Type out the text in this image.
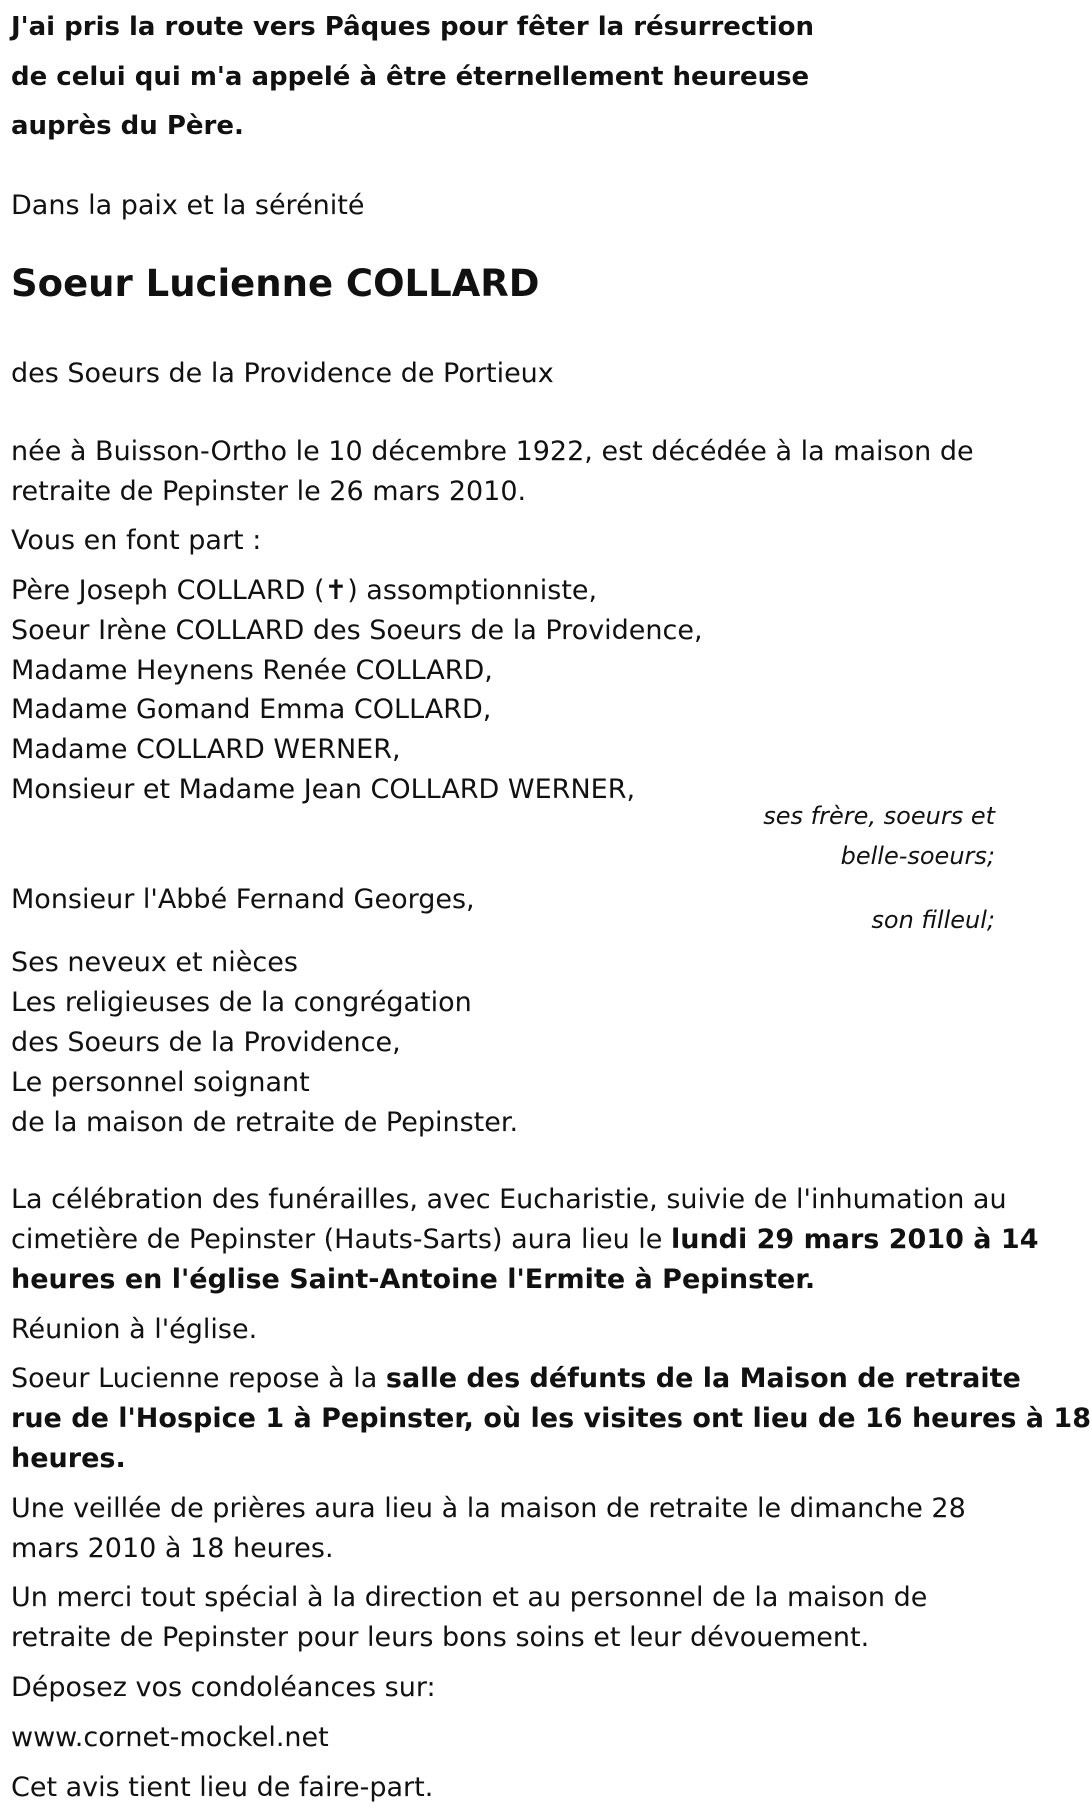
J'ai pris la route vers Pâques pour fêter la résurrection

de celui qui m'a appelé à être éternellement heureuse

auprès du Père.

Dans la paix et la sérénité

Soeur Lucienne COLLARD

des Soeurs de la Providence de Portieux

née à Buisson-Ortho le 10 décembre 1922, est décédée à la maison de

retraite de Pepinster le 26 mars 2010.

Vous en font part :

Père Joseph COLLARD (✝) assomptionniste,

Soeur Irène COLLARD des Soeurs de la Providence,

Madame Heynens Renée COLLARD,

Madame Gomand Emma COLLARD,

Madame COLLARD WERNER,

Monsieur et Madame Jean COLLARD WERNER,

ses frère, soeurs et

belle-soeurs;

Monsieur l'Abbé Fernand Georges,

son filleul;

Ses neveux et nièces

Les religieuses de la congrégation

des Soeurs de la Providence,

Le personnel soignant

de la maison de retraite de Pepinster.

La célébration des funérailles, avec Eucharistie, suivie de l'inhumation au

cimetière de Pepinster (Hauts-Sarts) aura lieu le lundi 29 mars 2010 à 14

heures en l'église Saint-Antoine l'Ermite à Pepinster.

Réunion à l'église.

Soeur Lucienne repose à la salle des défunts de la Maison de retraite

rue de l'Hospice 1 à Pepinster, où les visites ont lieu de 16 heures à 18

heures.

Une veillée de prières aura lieu à la maison de retraite le dimanche 28

mars 2010 à 18 heures.

Un merci tout spécial à la direction et au personnel de la maison de

retraite de Pepinster pour leurs bons soins et leur dévouement.

Déposez vos condoléances sur:

www.cornet-mockel.net

Cet avis tient lieu de faire-part.
